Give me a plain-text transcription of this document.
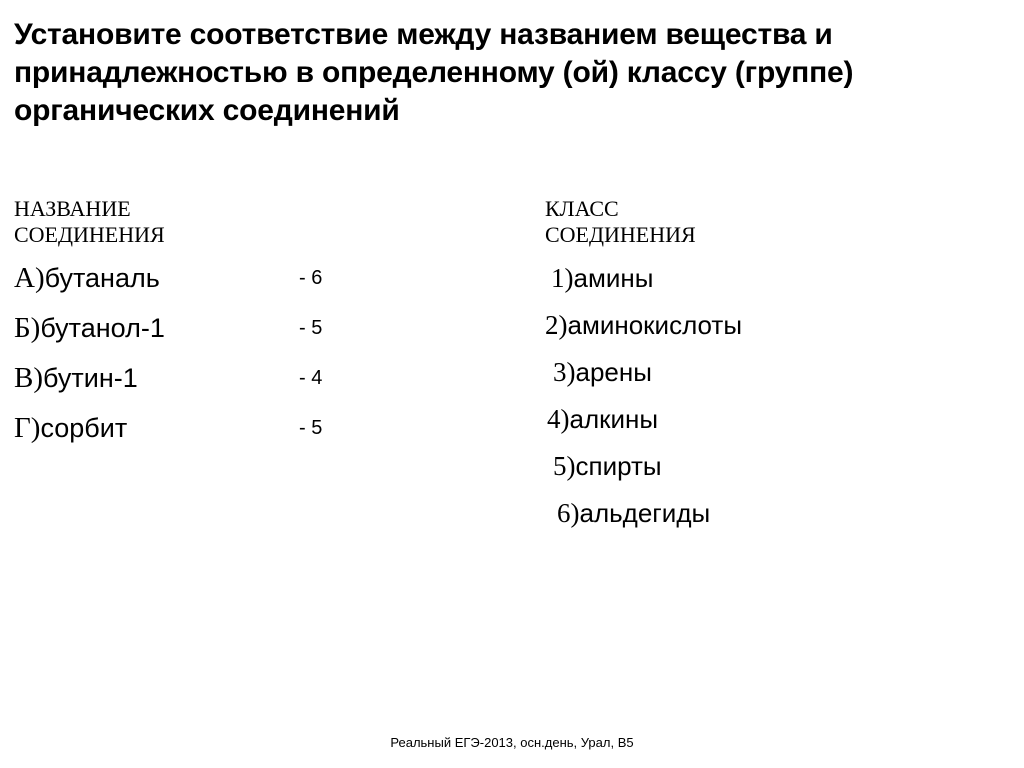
Установите соответствие между названием вещества и принадлежностью в определенному (ой) классу (группе) органических соединений
НАЗВАНИЕ
СОЕДИНЕНИЯ
А) бутаналь	- 6
Б) бутанол-1	- 5
В) бутин-1	- 4
Г) сорбит	- 5
КЛАСС
СОЕДИНЕНИЯ
1) амины
2) аминокислоты
3) арены
4) алкины
5) спирты
6) альдегиды
Реальный ЕГЭ-2013, осн.день, Урал, В5
